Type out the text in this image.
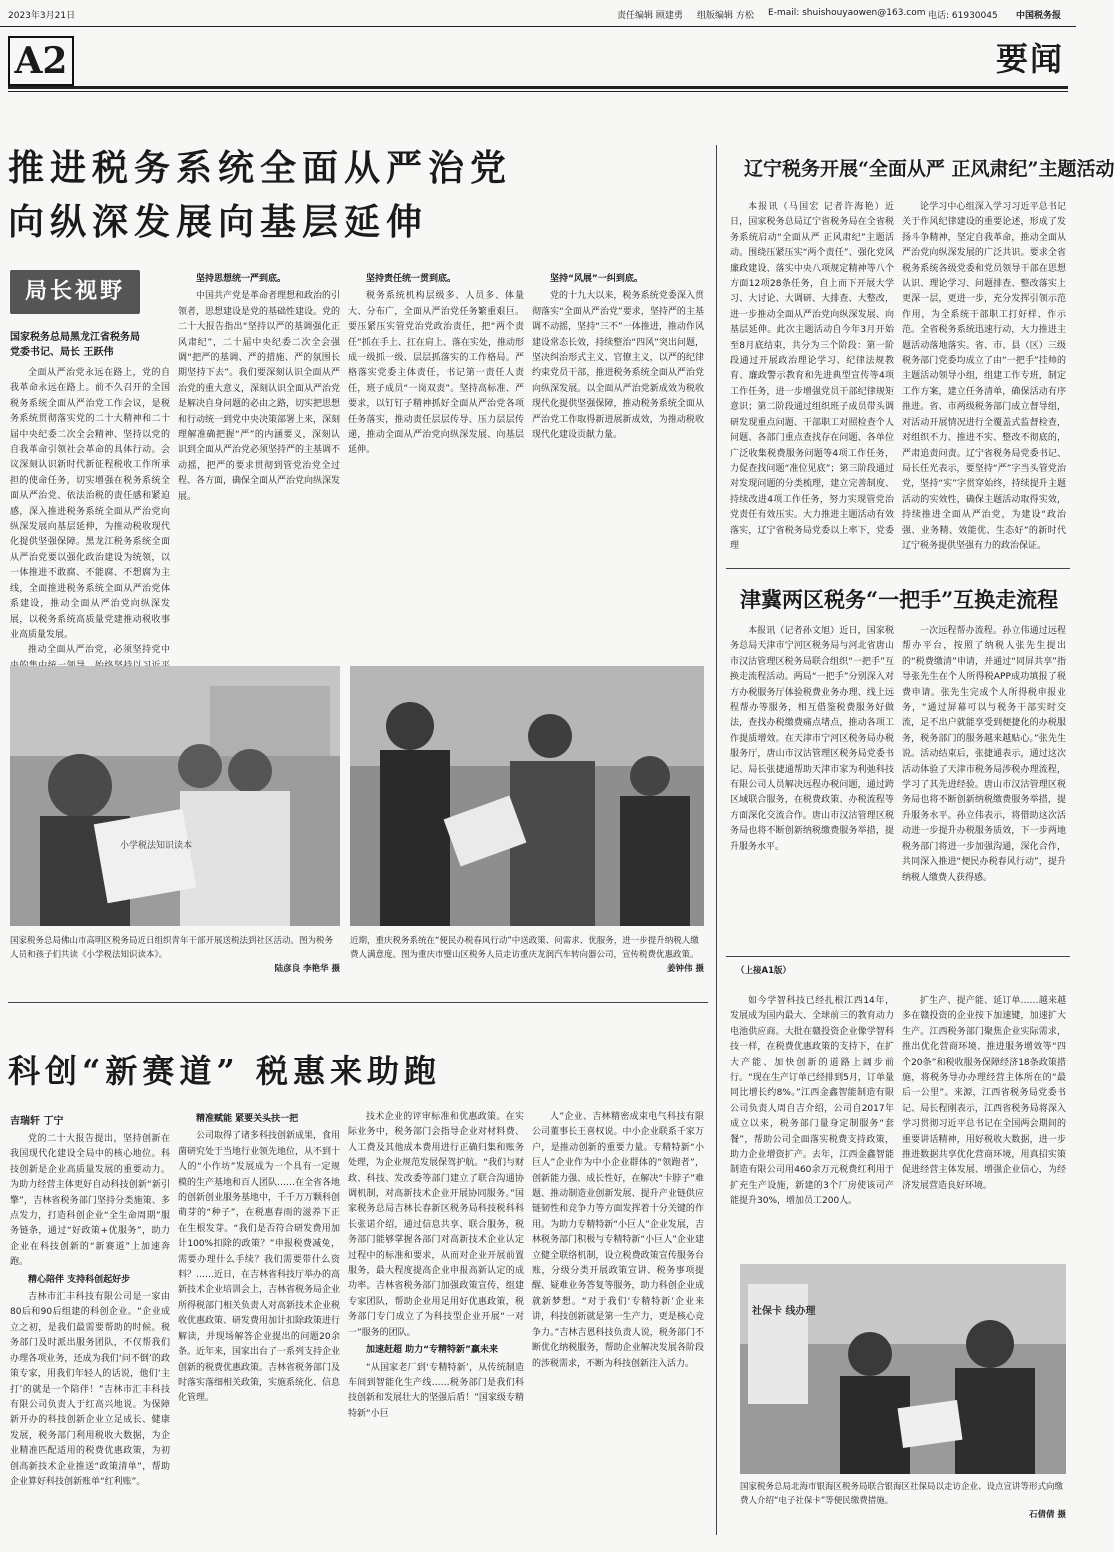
2023年3月21日	责任编辑 顾建勇 组版编辑 方松 E-mail: shuishouyaowen@163.com 电话: 61930045 中国税务报
A2	要闻
推进税务系统全面从严治党
向纵深发展向基层延伸
局长视野
国家税务总局黑龙江省税务局
党委书记、局长 王跃伟

全面从严治党永远在路上，党的自我革命永远在路上。前不久召开的全国税务系统全面从严治党工作会议，是税务系统贯彻落实党的二十大精神和二十届中央纪委二次全会精神、坚持以党的自我革命引领社会革命的具体行动。会议深刻认识新时代新征程税收工作所承担的使命任务，切实增强在税务系统全面从严治党、依法治税的责任感和紧迫感，深入推进税务系统全面从严治党向纵深发展向基层延伸，为推动税收现代化提供坚强保障。黑龙江税务系统全面从严治党要以强化政治建设为统领，以一体推进不敢腐、不能腐、不想腐为主线，全面推进税务系统全面从严治党体系建设，推动全面从严治党向纵深发展，以税务系统高质量党建推动税收事业高质量发展。

推动全面从严治党，必须坚持党中

坚持思想统一严到底。

中国共产党是革命者理想和政治的引领者，思想建设是党的基础性建设。党的二十大报告指出“坚持以严的基调强化正风肃纪”，二十届中央纪委二次全会强调“把严的基调、严的措施、严的氛围长期坚持下去”。我们要深刻认识全面从严治党的重大意义，深刻认识全面从严治党是解决自身问题的必由之路，切实把思想和行动统一到党中央决策部署上来，深刻理解准确把握“严”的内涵要义，深刻认识到全面从严治党必须坚持严的主基调不动摇，把严的要求贯彻到管党治党全过程、各方面，确保全面从严治党向纵深发展。

坚持责任统一贯到底。

税务系统机构层级多、人员多、体量大、分布广，全面从严治党任务繁重艰巨。要压紧压实管党治党政治责任，把“两个责任”抓在手上、扛在肩上、落在实处，推动形成一级抓一级、层层抓落实的工作格局。严格落实党委主体责任，书记第一责任人责任，班子成员“一岗双责”。坚持高标准、严要求，以钉钉子精神抓好全面从严治党各项任务落实，推动责任层层传导、压力层层传递，推动全面从严治党向纵深发展、向基层延伸。

坚持“风展”一纠到底。

党的十九大以来，税务系统党委深入贯彻落实“全面从严治党”要求，坚持严的主基调不动摇，坚持“三不”一体推进，推动作风建设常态长效，持续整治“四风”突出问题，坚决纠治形式主义、官僚主义，以严的纪律约束党员干部，推进税务系统全面从严治党向纵深发展。以全面从严治党新成效为税收现代化提供坚强保障，推动税务系统全面从严治党工作取得新进展新成效，为推动税收现代化建设贡献力量。

小学税法知识读本
国家税务总局佛山市高明区税务局近日组织青年干部开展送税法到社区活动。图为税务人员和孩子们共读《小学税法知识读本》。
陆彦良 李艳华 摄
近期，重庆税务系统在“便民办税春风行动”中送政策、问需求、优服务，进一步提升纳税人缴费人满意度。图为重庆市璧山区税务人员走访重庆龙润汽车转向器公司，宣传税费优惠政策。
姜钟伟 摄
科创“新赛道” 税惠来助跑
吉瑞轩 丁宁

党的二十大报告提出，坚持创新在我国现代化建设全局中的核心地位。科技创新是企业高质量发展的重要动力。为助力经营主体更好自动科技创新“新引擎”，吉林省税务部门坚持分类施策、多点发力，打造科创企业“全生命周期”服务链条，通过“好政策+优服务”，助力企业在科技创新的“新赛道”上加速奔跑。

精心陪伴 支持科创起好步

吉林市汇丰科技有限公司是一家由80后和90后组建的科创企业。“企业成立之初，是我们最需要帮助的时候。税务部门及时派出服务团队，不仅帮我们办理各项业务，还成为我们‘问不倒’的政策专家，用我们年轻人的话说，他们‘主打’的就是一个陪伴！”吉林市汇丰科技有限公司负责人于红高兴地说。为保障新开办的科技创新企业立足成长、健康发展，税务部门利用税收大数据，为企业精准匹配适用的税费优惠政策，为初创高新技术企业推送“政策清单”，帮助企业算好科技创新账单“红利账”。

精准赋能 紧要关头扶一把

公司取得了诸多科技创新成果，食用菌研究处于当地行业领先地位，从不到十人的“小作坊”发展成为一个具有一定规模的生产基地和百人团队……在全省各地的创新创业服务基地中，千千万万颗科创萌芽的“种子”，在税惠春雨的滋养下正在生根发芽。“我们是否符合研发费用加计100%扣除的政策？”申报税费减免，需要办理什么手续？我们需要带什么资料？……近日，在吉林省科技厅举办的高新技术企业培训会上，吉林省税务局企业所得税部门相关负责人对高新技术企业税收优惠政策、研发费用加计扣除政策进行解读，并现场解答企业提出的问题20余条。近年来，国家出台了一系列支持企业创新的税费优惠政策。吉林省税务部门及时落实落细相关政策，实施系统化、信息化管理。

技术企业的评审标准和优惠政策。在实际业务中，税务部门会指导企业对材料费、人工费及其他成本费用进行正确归集和账务处理，为企业规范发展保驾护航。“我们与财政、科技、发改委等部门建立了联合沟通协调机制，对高新技术企业开展协同服务。”国家税务总局吉林长春新区税务局科技税科科长张诺介绍，通过信息共享、联合服务，税务部门能够掌握各部门对高新技术企业认定过程中的标准和要求，从而对企业开展前置服务，最大程度提高企业申报高新认定的成功率。吉林省税务部门加强政策宣传，组建专家团队，帮助企业用足用好优惠政策，税务部门专门成立了为科技型企业开展“一对一”服务的团队。

加速赶超 助力“专精特新”赢未来

“从国家老厂到‘专精特新’，从传统制造车间到智能化生产线……税务部门是我们科技创新和发展壮大的坚强后盾！”国家级专精特新“小巨

人”企业、吉林精密成束电气科技有限公司董事长王喜权说。中小企业联系千家万户，是推动创新的重要力量。专精特新“小巨人”企业作为中小企业群体的“领跑者”，创新能力强、成长性好，在解决“卡脖子”难题、推动制造业创新发展、提升产业链供应链韧性和竞争力等方面发挥着十分关键的作用。为助力专精特新“小巨人”企业发展，吉林税务部门积极与专精特新“小巨人”企业建立健全联络机制，设立税费政策宣传服务台账，分级分类开展政策宣讲、税务事项提醒、疑难业务答复等服务，助力科创企业成就新梦想。“对于我们‘专精特新’企业来讲，科技创新就是第一生产力，更是核心竞争力。”吉林吉恩科技负责人说，税务部门不断优化纳税服务，帮助企业解决发展各阶段的涉税需求，不断为科技创新注入活力。

辽宁税务开展“全面从严 正风肃纪”主题活动

本报讯（马国宏 记者许海艳）近日，国家税务总局辽宁省税务局在全省税务系统启动“全面从严 正风肃纪”主题活动。围绕压紧压实“两个责任”、强化党风廉政建设、落实中央八项规定精神等八个方面12项28条任务，自上而下开展大学习、大讨论、大调研、大排查、大整改，进一步推动全面从严治党向纵深发展、向基层延伸。此次主题活动自今年3月开始至8月底结束，共分为三个阶段：第一阶段通过开展政治理论学习、纪律法规教育、廉政警示教育和先进典型宣传等4项工作任务，进一步增强党员干部纪律规矩意识；第二阶段通过组织班子成员带头调研发现重点问题、干部职工对照检查个人问题、各部门重点查找存在问题、各单位广泛收集税费服务问题等4项工作任务，力促查找问题“准位见底”；第三阶段通过对发现问题的分类梳理，建立完善制度、持续改进4项工作任务，努力实现管党治党责任有效压实。大力推进主题活动有效落实，辽宁省税务局党委以上率下，党委理

论学习中心组深入学习习近平总书记关于作风纪律建设的重要论述，形成了发扬斗争精神，坚定自我革命，推动全面从严治党向纵深发展的广泛共识。要求全省税务系统各级党委和党员领导干部在思想认识、理论学习、问题排查、整改落实上更深一层，更进一步，充分发挥引领示范作用，为全系统干部职工打好样、作示范。全省税务系统迅速行动，大力推进主题活动落地落实。省、市、县（区）三级税务部门党委均成立了由“一把手”挂帅的主题活动领导小组，组建工作专班，制定工作方案，建立任务清单，确保活动有序推进。省、市两级税务部门成立督导组，对活动开展情况进行全覆盖式监督检查，对组织不力、推进不实、整改不彻底的，严肃追责问责。辽宁省税务局党委书记、局长任光表示，要坚持“严”字当头管党治党，坚持“实”字贯穿始终，持续提升主题活动的实效性，确保主题活动取得实效，持续推进全面从严治党，为建设“政治强、业务精、效能优、生态好”的新时代辽宁税务提供坚强有力的政治保证。

津冀两区税务“一把手”互换走流程

本报讯（记者孙文旭）近日，国家税务总局天津市宁河区税务局与河北省唐山市汉沽管理区税务局联合组织“一把手”互换走流程活动。两局“一把手”分别深入对方办税服务厅体验税费业务办理、线上远程帮办等服务，相互借鉴税费服务好做法，查找办税缴费痛点堵点，推动各项工作提质增效。在天津市宁河区税务局办税服务厅，唐山市汉沽管理区税务局党委书记、局长张捷通帮助天津市家为利弛科技有限公司人员解决远程办税问题，通过跨区域联合服务，在税费政策、办税流程等方面深化交流合作。唐山市汉沽管理区税务局也将不断创新纳税缴费服务举措，提升服务水平。

一次远程帮办流程。孙立伟通过远程帮办平台，按照了纳税人张先生提出的“税费缴清”申请，并通过“同屏共享”指导张先生在个人所得税APP成功填报了税费申请。张先生完成个人所得税申报业务，“通过屏幕可以与税务干部实时交流，足不出户就能享受到便捷化的办税服务，税务部门的服务越来越贴心。”张先生说。活动结束后，张捷通表示，通过这次活动体验了天津市税务局涉税办理流程，学习了其先进经验。唐山市汉沽管理区税务局也将不断创新纳税缴费服务举措，提升服务水平。孙立伟表示，将借助这次活动进一步提升办税服务质效，下一步两地税务部门将进一步加强沟通，深化合作，共同深入推进“便民办税春风行动”，提升纳税人缴费人获得感。

（上接A1版）

如今学智科技已经扎根江西14年，发展成为国内最大、全球前三的教育动力电池供应商。大批在赣投资企业像学智科技一样，在税费优惠政策的支持下，在扩大产能、加快创新的道路上阔步前行。“现在生产订单已经排到5月，订单量同比增长约8%。”江西金鑫智能制造有限公司负责人周自吉介绍，公司自2017年成立以来，税务部门量身定制服务“套餐”，帮助公司全面落实税费支持政策，助力企业增资扩产。去年，江西金鑫智能制造有限公司用460余万元税费红利用于扩充生产设施，新建的3个厂房使该司产能提升30%，增加员工200人。

扩生产、提产能、延订单……越来越多在赣投资的企业按下加速键，加速扩大生产。江西税务部门聚焦企业实际需求，推出优化营商环境、推进服务增效等“四个20条”和税收服务保障经济18条政策措施，将税务导办办理经营主体所在的“最后一公里”。来源，江西省税务局党委书记、局长程刚表示，江西省税务局将深入学习贯彻习近平总书记在全国两会期间的重要讲话精神，用好税收大数据，进一步推进数据共享优化营商环境，用真招实策促进经营主体发展、增强企业信心，为经济发展营造良好环境。

社保卡 线办理
国家税务总局北海市银海区税务局联合银海区社保局以走访企业、设点宣讲等形式向缴费人介绍“电子社保卡”等便民缴费措施。
石倩倩 摄
